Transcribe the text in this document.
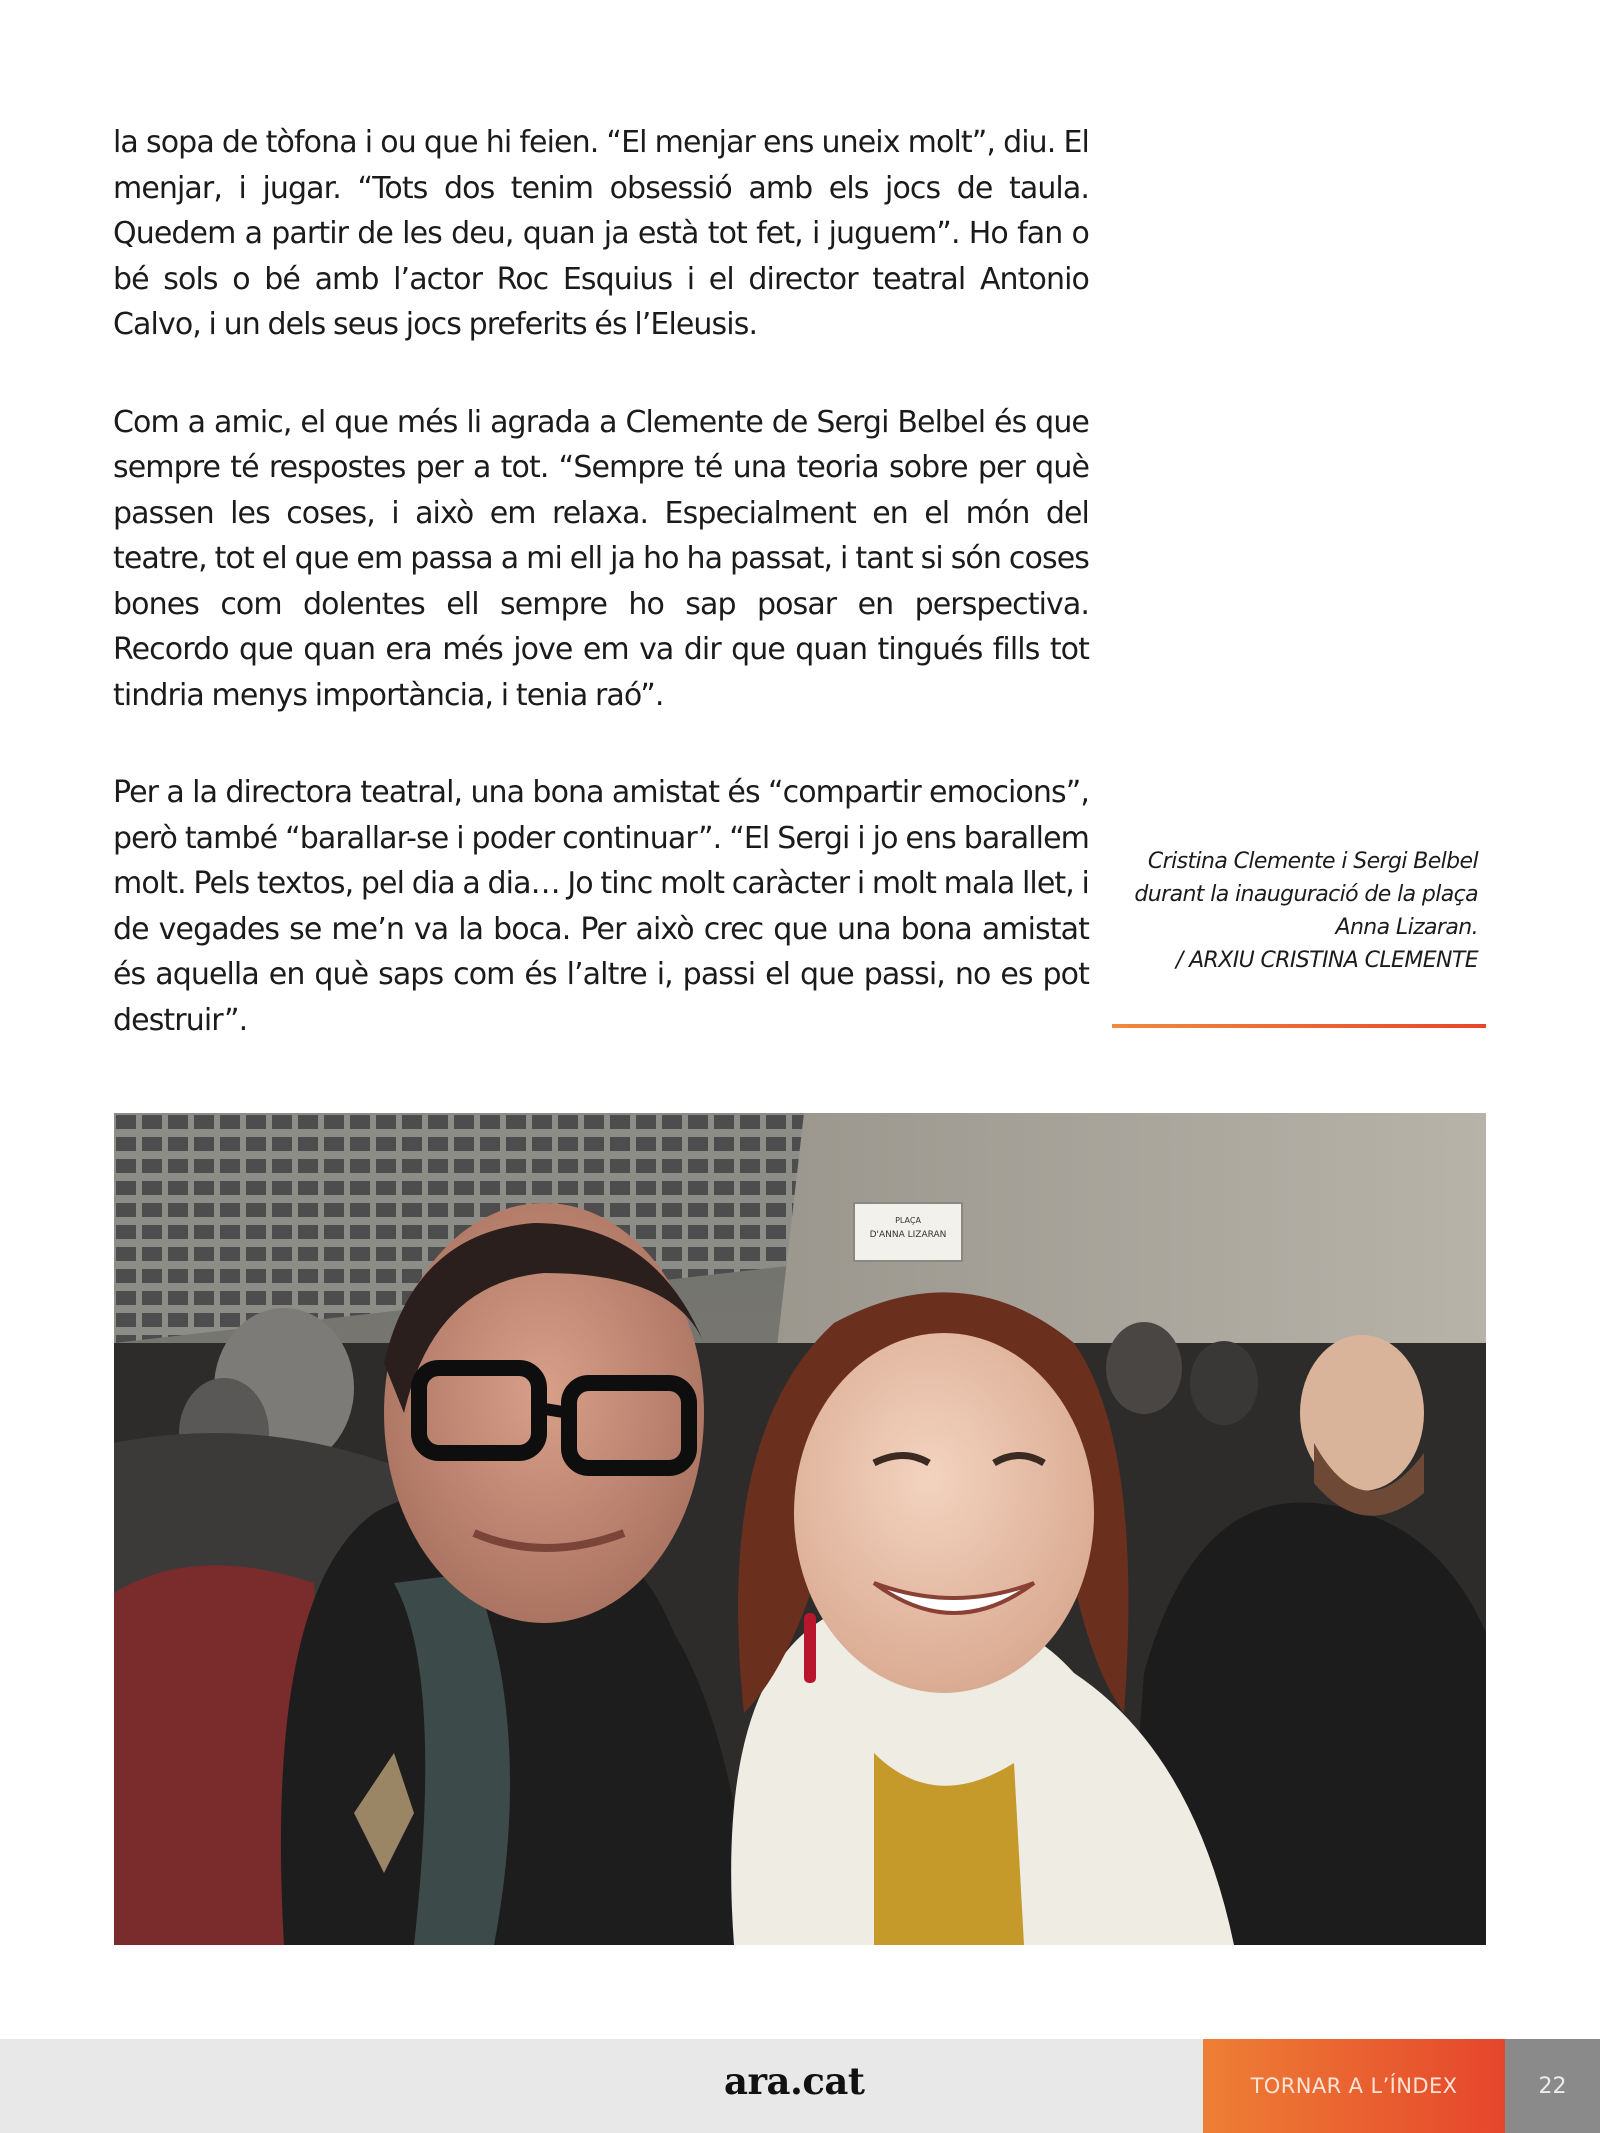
la sopa de tòfona i ou que hi feien. “El menjar ens uneix molt”, diu. El menjar, i jugar. “Tots dos tenim obsessió amb els jocs de taula. Quedem a partir de les deu, quan ja està tot fet, i juguem”. Ho fan o bé sols o bé amb l’actor Roc Esquius i el director teatral Antonio Calvo, i un dels seus jocs preferits és l’Eleusis.

Com a amic, el que més li agrada a Clemente de Sergi Belbel és que sempre té respostes per a tot. “Sempre té una teoria sobre per què passen les coses, i això em relaxa. Especialment en el món del teatre, tot el que em passa a mi ell ja ho ha passat, i tant si són coses bones com dolentes ell sempre ho sap posar en perspectiva. Recordo que quan era més jove em va dir que quan tingués fills tot tindria menys importància, i tenia raó”.

Per a la directora teatral, una bona amistat és “compartir emocions”, però també “barallar-se i poder continuar”. “El Sergi i jo ens barallem molt. Pels textos, pel dia a dia… Jo tinc molt caràcter i molt mala llet, i de vegades se me’n va la boca. Per això crec que una bona amistat és aquella en què saps com és l’altre i, passi el que passi, no es pot destruir”.

Cristina Clemente i Sergi Belbel
durant la inauguració de la plaça
Anna Lizaran.
/ ARXIU CRISTINA CLEMENTE
PLAÇA
D'ANNA LIZARAN
ara.cat	TORNAR A L’ÍNDEX	22
